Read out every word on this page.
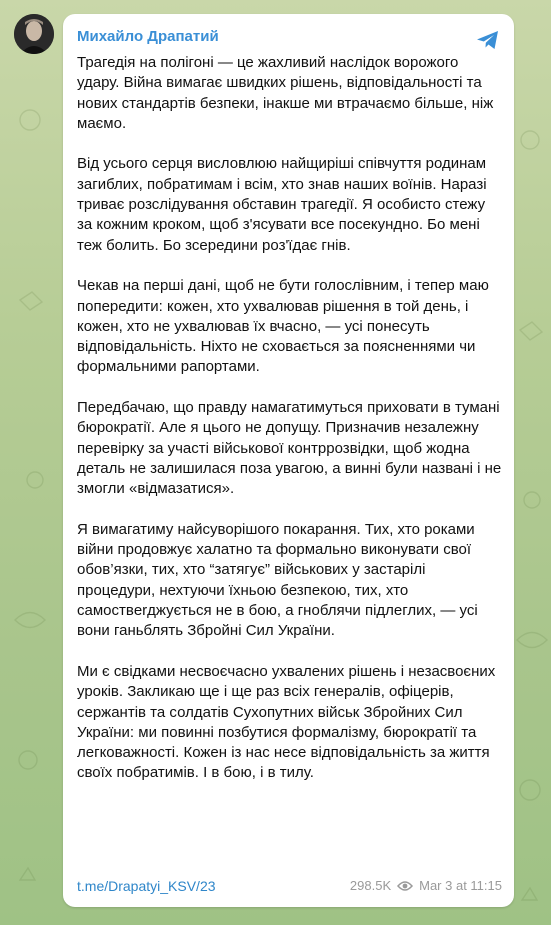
Михайло Драпатий

Трагедія на полігоні — це жахливий наслідок ворожого удару. Війна вимагає швидких рішень, відповідальності та нових стандартів безпеки, інакше ми втрачаємо більше, ніж маємо.

Від усього серця висловлюю найщиріші співчуття родинам загиблих, побратимам і всім, хто знав наших воїнів. Наразі триває розслідування обставин трагедії. Я особисто стежу за кожним кроком, щоб з'ясувати все посекундно. Бо мені теж болить. Бо зсередини роз'їдає гнів.

Чекав на перші дані, щоб не бути голослівним, і тепер маю попередити: кожен, хто ухвалював рішення в той день, і кожен, хто не ухвалював їх вчасно, — усі понесуть відповідальність. Ніхто не сховається за поясненнями чи формальними рапортами.

Передбачаю, що правду намагатимуться приховати в тумані бюрократії. Але я цього не допущу. Призначив незалежну перевірку за участі військової контррозвідки, щоб жодна деталь не залишилася поза увагою, а винні були названі і не змогли «відмазатися».

Я вимагатиму найсуворішого покарання. Тих, хто роками війни продовжує халатно та формально виконувати свої обов’язки, тих, хто “затягує” військових у застарілі процедури, нехтуючи їхньою безпекою, тих, хто самоствerджується не в бою, а гноблячи підлеглих, — усі вони ганьблять Збройні Сил України.

Ми є свідками несвоєчасно ухвалених рішень і незасвоєних уроків. Закликаю ще і ще раз всіх генералів, офіцерів, сержантів та солдатів Сухопутних військ Збройних Сил України: ми повинні позбутися формалізму, бюрократії та легковажності. Кожен із нас несе відповідальність за життя своїх побратимів. І в бою, і в тилу.

t.me/Drapatyi_KSV/23	298.5K Mar 3 at 11:15
